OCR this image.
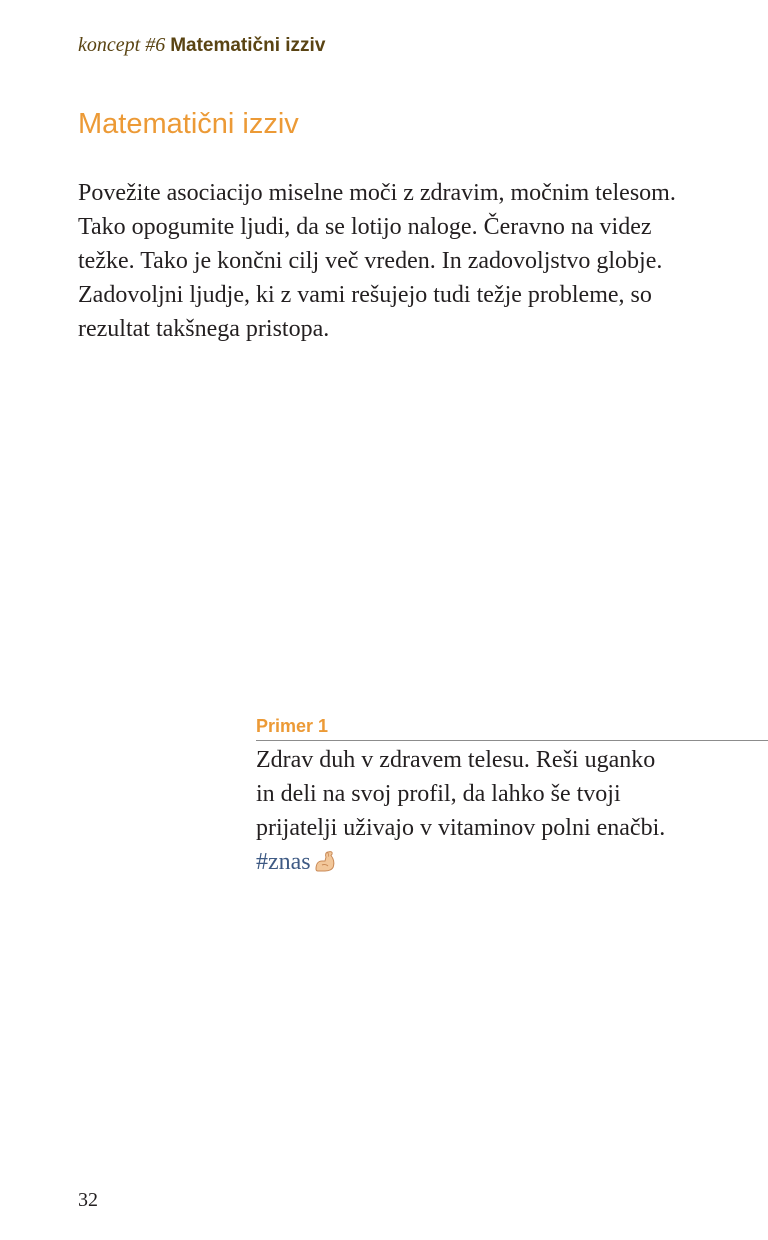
koncept #6 Matematični izziv
Matematični izziv

Povežite asociacijo miselne moči z zdravim, močnim telesom.
Tako opogumite ljudi, da se lotijo naloge. Čeravno na videz
težke. Tako je končni cilj več vreden. In zadovoljstvo globje.
Zadovoljni ljudje, ki z vami rešujejo tudi težje probleme, so
rezultat takšnega pristopa.

Primer 1

Zdrav duh v zdravem telesu. Reši uganko
in deli na svoj profil, da lahko še tvoji
prijatelji uživajo v vitaminov polni enačbi.
#znas

32
